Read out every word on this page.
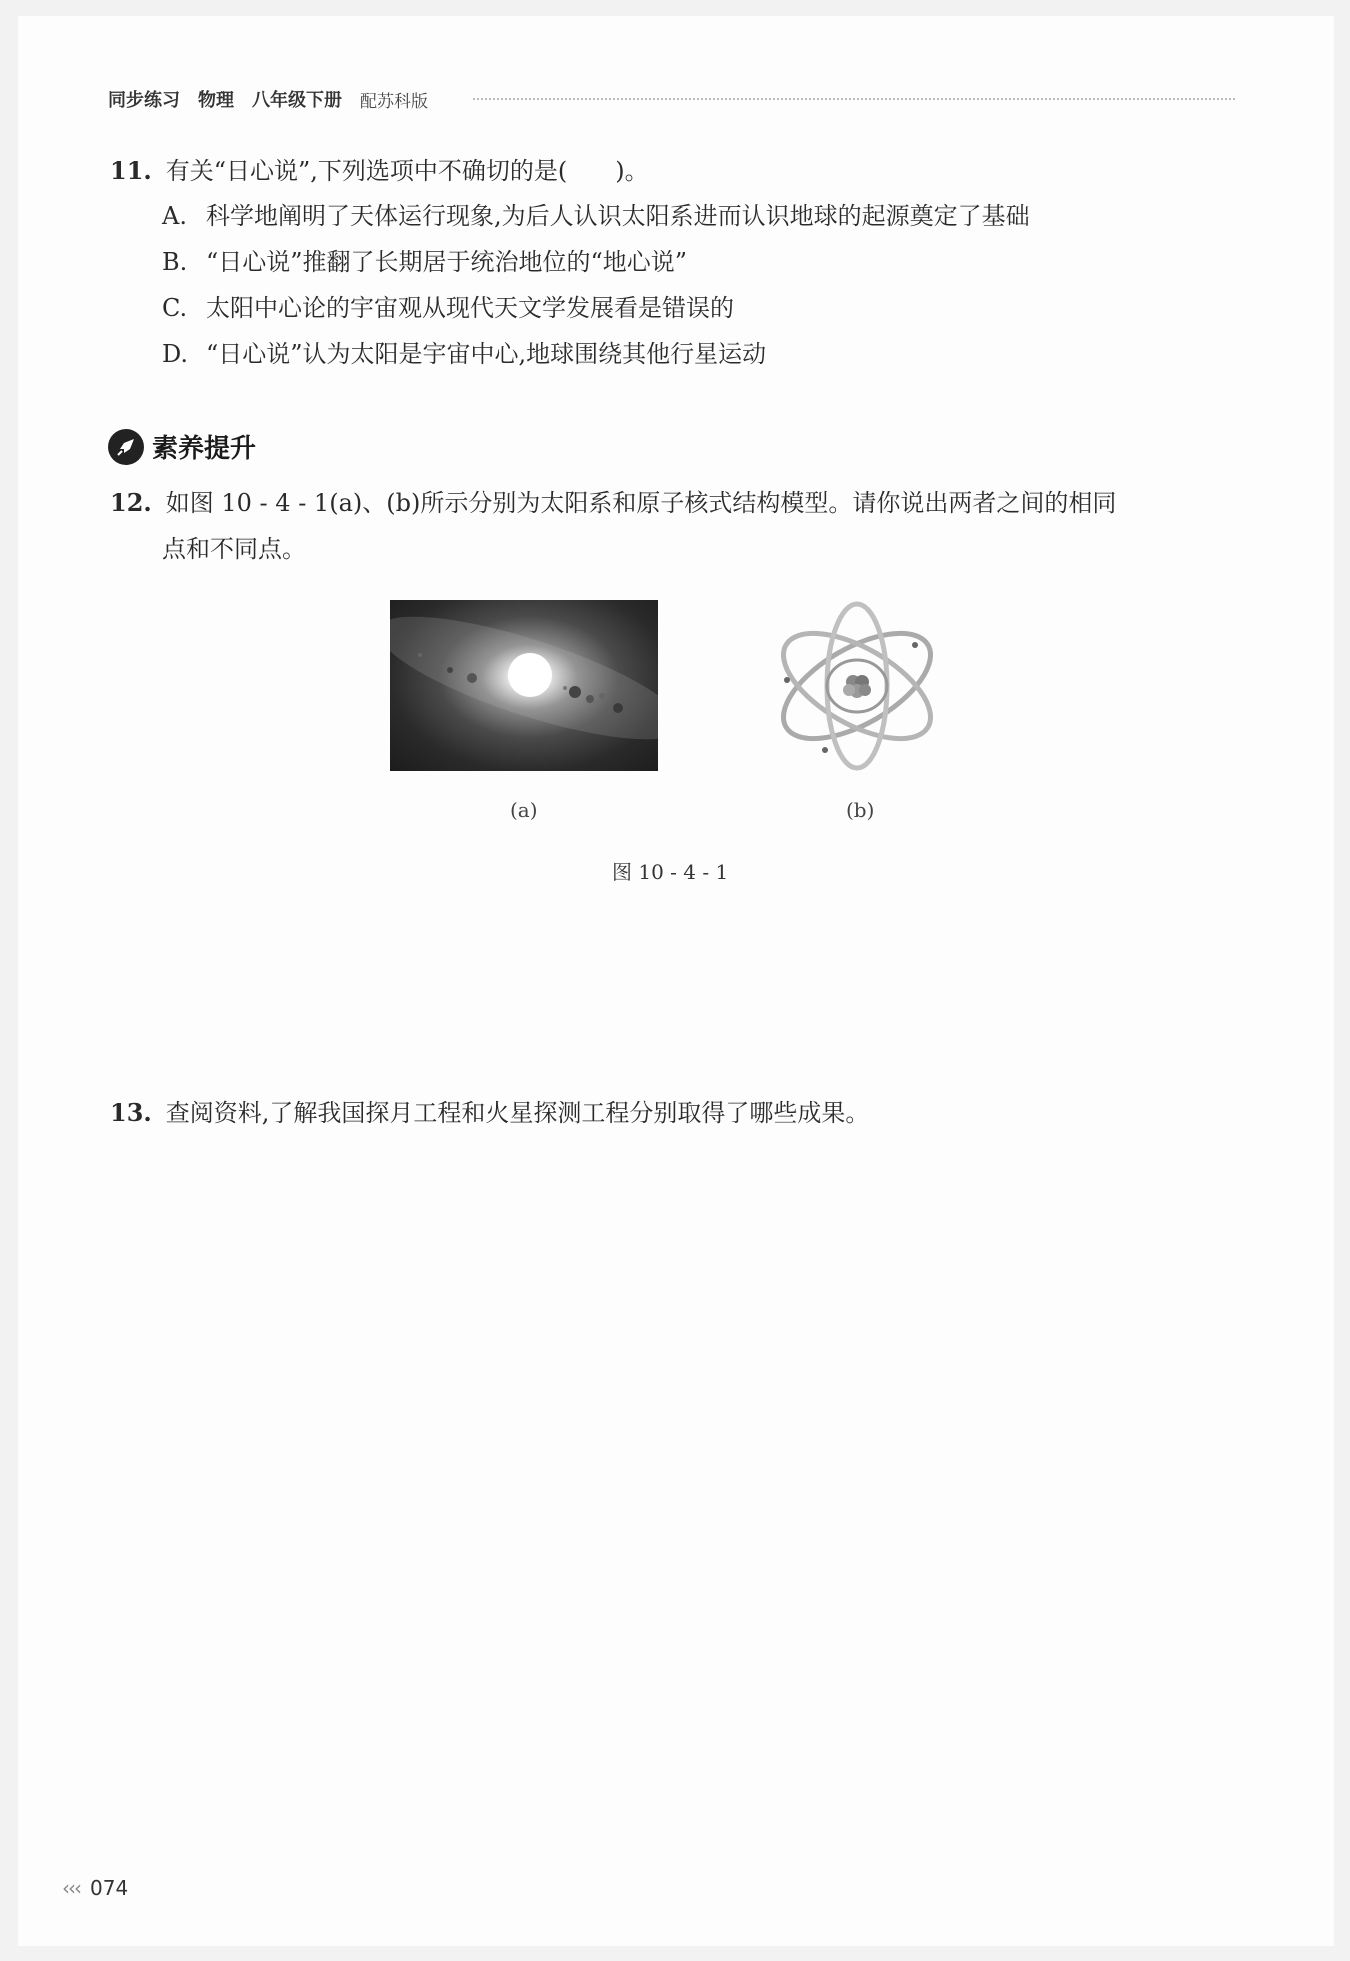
同步练习 物理 八年级下册 配苏科版
11. 有关“日心说”,下列选项中不确切的是(　　)。
A. 科学地阐明了天体运行现象,为后人认识太阳系进而认识地球的起源奠定了基础
B. “日心说”推翻了长期居于统治地位的“地心说”
C. 太阳中心论的宇宙观从现代天文学发展看是错误的
D. “日心说”认为太阳是宇宙中心,地球围绕其他行星运动
素养提升
12. 如图 10 - 4 - 1(a)、(b)所示分别为太阳系和原子核式结构模型。请你说出两者之间的相同
点和不同点。
(a)	(b)
图 10 - 4 - 1
13. 查阅资料,了解我国探月工程和火星探测工程分别取得了哪些成果。
‹‹‹ 074
